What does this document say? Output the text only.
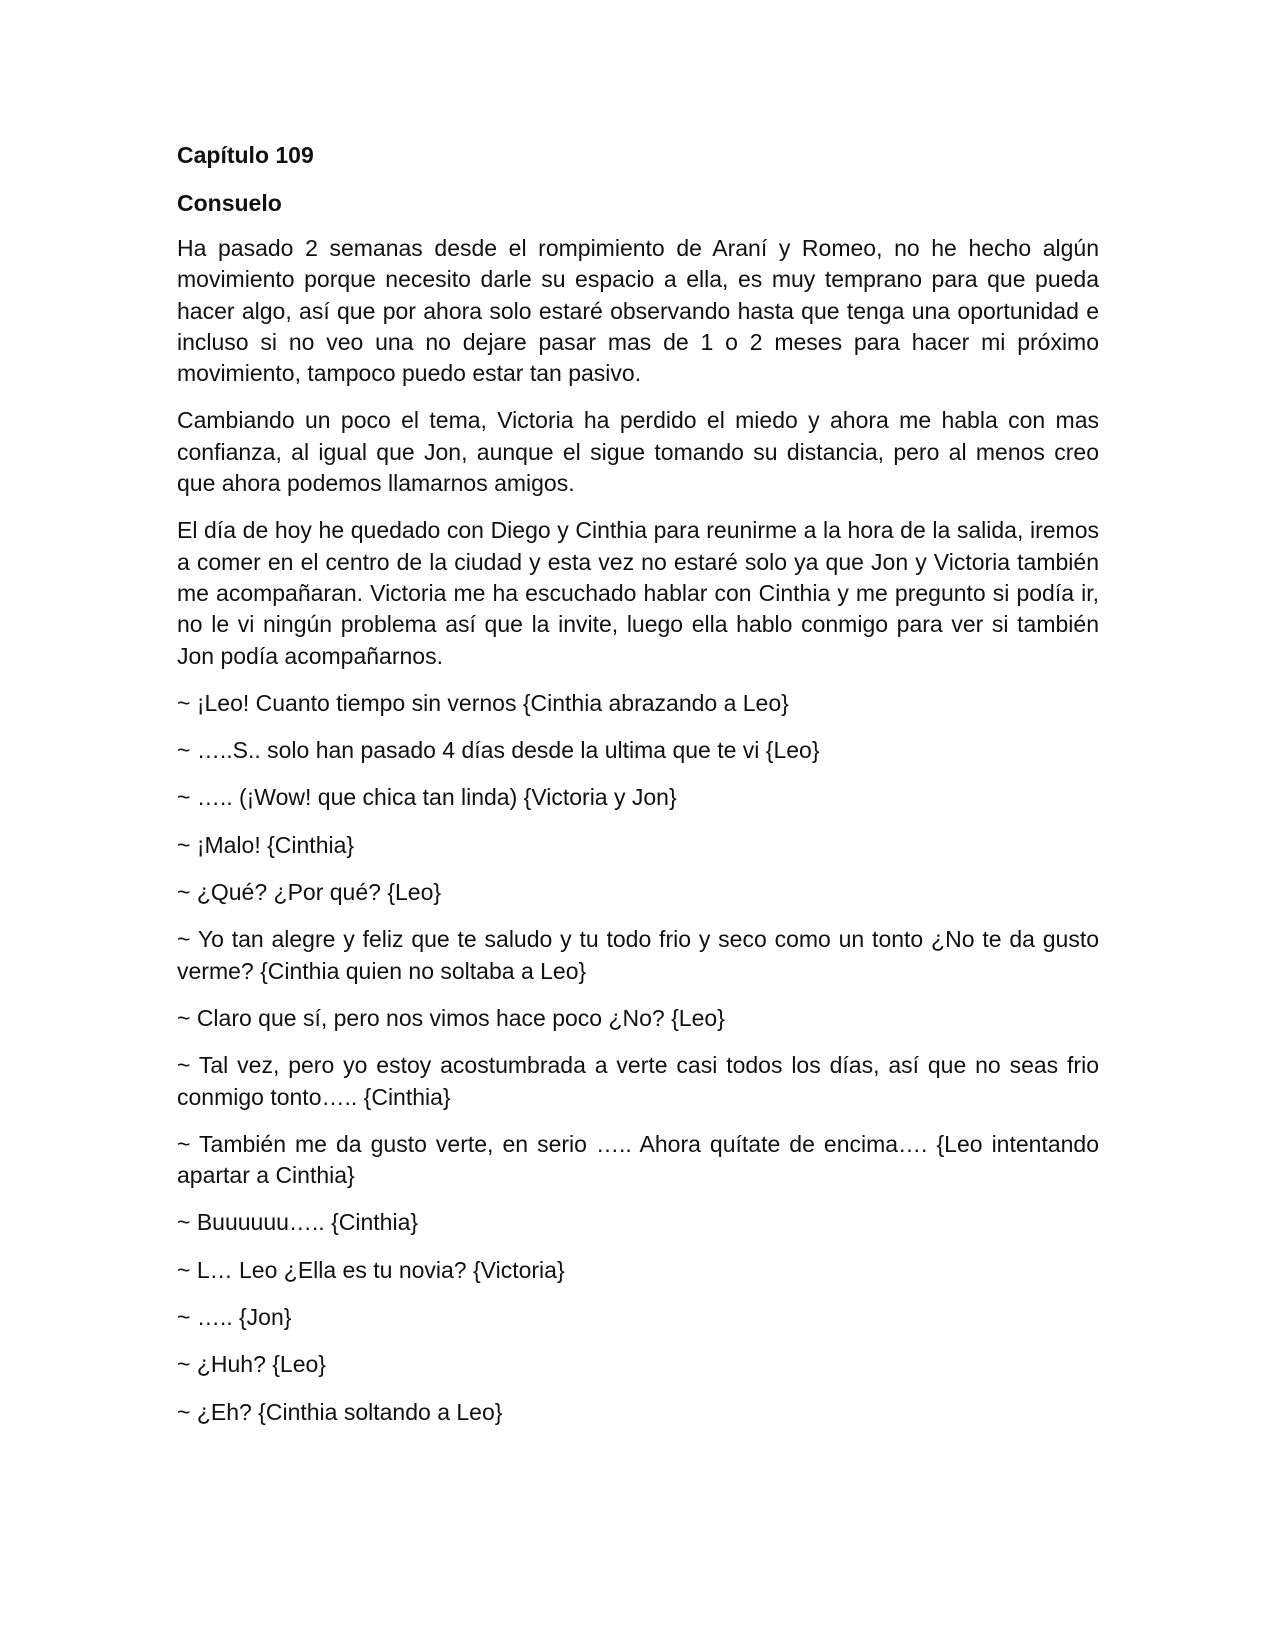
Capítulo 109
Consuelo

Ha pasado 2 semanas desde el rompimiento de Araní y Romeo, no he hecho algún movimiento porque necesito darle su espacio a ella, es muy temprano para que pueda hacer algo, así que por ahora solo estaré observando hasta que tenga una oportunidad e incluso si no veo una no dejare pasar mas de 1 o 2 meses para hacer mi próximo movimiento, tampoco puedo estar tan pasivo.

Cambiando un poco el tema, Victoria ha perdido el miedo y ahora me habla con mas confianza, al igual que Jon, aunque el sigue tomando su distancia, pero al menos creo que ahora podemos llamarnos amigos.

El día de hoy he quedado con Diego y Cinthia para reunirme a la hora de la salida, iremos a comer en el centro de la ciudad y esta vez no estaré solo ya que Jon y Victoria también me acompañaran. Victoria me ha escuchado hablar con Cinthia y me pregunto si podía ir, no le vi ningún problema así que la invite, luego ella hablo conmigo para ver si también Jon podía acompañarnos.

~ ¡Leo! Cuanto tiempo sin vernos {Cinthia abrazando a Leo}

~ …..S.. solo han pasado 4 días desde la ultima que te vi {Leo}

~ ….. (¡Wow! que chica tan linda) {Victoria y Jon}

~ ¡Malo! {Cinthia}

~ ¿Qué? ¿Por qué? {Leo}

~ Yo tan alegre y feliz que te saludo y tu todo frio y seco como un tonto ¿No te da gusto verme? {Cinthia quien no soltaba a Leo}

~ Claro que sí, pero nos vimos hace poco ¿No? {Leo}

~ Tal vez, pero yo estoy acostumbrada a verte casi todos los días, así que no seas frio conmigo tonto….. {Cinthia}

~ También me da gusto verte, en serio ….. Ahora quítate de encima…. {Leo intentando apartar a Cinthia}

~ Buuuuuu….. {Cinthia}

~ L… Leo ¿Ella es tu novia? {Victoria}

~ ….. {Jon}

~ ¿Huh? {Leo}

~ ¿Eh? {Cinthia soltando a Leo}
